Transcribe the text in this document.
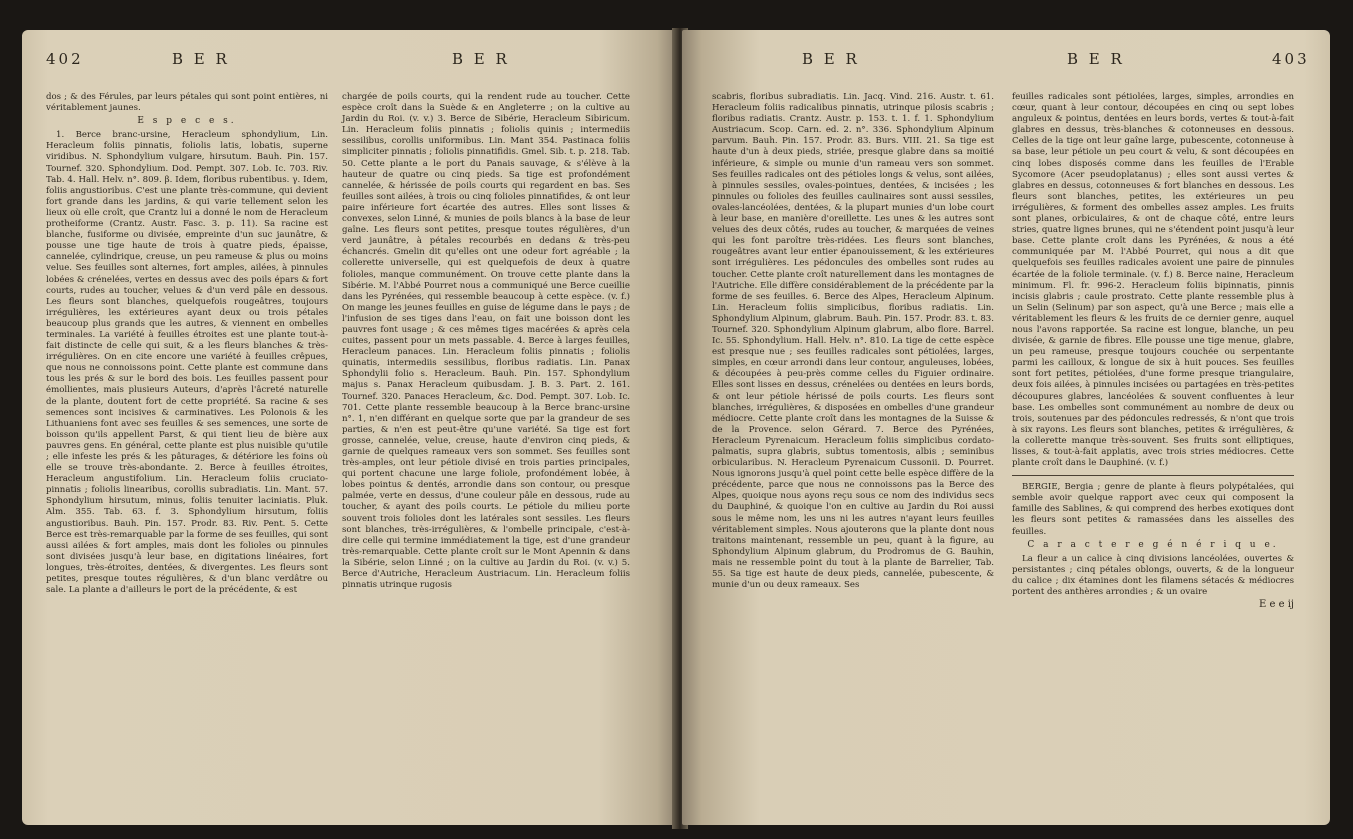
402	B E R	B E R

dos ; & des Férules, par leurs pétales qui sont point entières, ni véritablement jaunes.

E s p e c e s.

1. Berce branc-ursine, Heracleum sphondylium, Lin. Heracleum foliis pinnatis, foliolis latis, lobatis, superne viridibus. N. Sphondylium vulgare, hirsutum. Bauh. Pin. 157. Tournef. 320. Sphondylium. Dod. Pempt. 307. Lob. Ic. 703. Riv. Tab. 4. Hall. Helv. n°. 809. β. Idem, floribus rubentibus. γ. Idem, foliis angustioribus. C'est une plante très-commune, qui devient fort grande dans les jardins, & qui varie tellement selon les lieux où elle croît, que Crantz lui a donné le nom de Heracleum protheiforme (Crantz. Austr. Fasc. 3. p. 11). Sa racine est blanche, fusiforme ou divisée, empreinte d'un suc jaunâtre, & pousse une tige haute de trois à quatre pieds, épaisse, cannelée, cylindrique, creuse, un peu rameuse & plus ou moins velue. Ses feuilles sont alternes, fort amples, ailées, à pinnules lobées & crénelées, vertes en dessus avec des poils épars & fort courts, rudes au toucher, velues & d'un verd pâle en dessous. Les fleurs sont blanches, quelquefois rougeâtres, toujours irrégulières, les extérieures ayant deux ou trois pétales beaucoup plus grands que les autres, & viennent en ombelles terminales. La variété à feuilles étroites est une plante tout-à-fait distincte de celle qui suit, & a les fleurs blanches & très-irrégulières. On en cite encore une variété à feuilles crêpues, que nous ne connoissons point. Cette plante est commune dans tous les prés & sur le bord des bois. Les feuilles passent pour émollientes, mais plusieurs Auteurs, d'après l'âcreté naturelle de la plante, doutent fort de cette propriété. Sa racine & ses semences sont incisives & carminatives. Les Polonois & les Lithuaniens font avec ses feuilles & ses semences, une sorte de boisson qu'ils appellent Parst, & qui tient lieu de bière aux pauvres gens. En général, cette plante est plus nuisible qu'utile ; elle infeste les prés & les pâturages, & détériore les foins où elle se trouve très-abondante. 2. Berce à feuilles étroites, Heracleum angustifolium. Lin. Heracleum foliis cruciato-pinnatis ; foliolis linearibus, corollis subradiatis. Lin. Mant. 57. Sphondylium hirsutum, minus, foliis tenuiter laciniatis. Pluk. Alm. 355. Tab. 63. f. 3. Sphondylium hirsutum, foliis angustioribus. Bauh. Pin. 157. Prodr. 83. Riv. Pent. 5. Cette Berce est très-remarquable par la forme de ses feuilles, qui sont aussi ailées & fort amples, mais dont les folioles ou pinnules sont divisées jusqu'à leur base, en digitations linéaires, fort longues, très-étroites, dentées, & divergentes. Les fleurs sont petites, presque toutes régulières, & d'un blanc verdâtre ou sale. La plante a d'ailleurs le port de la précédente, & est

chargée de poils courts, qui la rendent rude au toucher. Cette espèce croît dans la Suède & en Angleterre ; on la cultive au Jardin du Roi. (v. v.) 3. Berce de Sibérie, Heracleum Sibiricum. Lin. Heracleum foliis pinnatis ; foliolis quinis ; intermediis sessilibus, corollis uniformibus. Lin. Mant 354. Pastinaca foliis simpliciter pinnatis ; foliolis pinnatifidis. Gmel. Sib. t. p. 218. Tab. 50. Cette plante a le port du Panais sauvage, & s'élève à la hauteur de quatre ou cinq pieds. Sa tige est profondément cannelée, & hérissée de poils courts qui regardent en bas. Ses feuilles sont ailées, à trois ou cinq folioles pinnatifides, & ont leur paire inférieure fort écartée des autres. Elles sont lisses & convexes, selon Linné, & munies de poils blancs à la base de leur gaîne. Les fleurs sont petites, presque toutes régulières, d'un verd jaunâtre, à pétales recourbés en dedans & très-peu échancrés. Gmelin dit qu'elles ont une odeur fort agréable ; la collerette universelle, qui est quelquefois de deux à quatre folioles, manque communément. On trouve cette plante dans la Sibérie. M. l'Abbé Pourret nous a communiqué une Berce cueillie dans les Pyrénées, qui ressemble beaucoup à cette espèce. (v. f.) On mange les jeunes feuilles en guise de légume dans le pays ; de l'infusion de ses tiges dans l'eau, on fait une boisson dont les pauvres font usage ; & ces mêmes tiges macérées & après cela cuites, passent pour un mets passable. 4. Berce à larges feuilles, Heracleum panaces. Lin. Heracleum foliis pinnatis ; foliolis quinatis, intermediis sessilibus, floribus radiatis. Lin. Panax Sphondylii folio s. Heracleum. Bauh. Pin. 157. Sphondylium majus s. Panax Heracleum quibusdam. J. B. 3. Part. 2. 161. Tournef. 320. Panaces Heracleum, &c. Dod. Pempt. 307. Lob. Ic. 701. Cette plante ressemble beaucoup à la Berce branc-ursine n°. 1, n'en différant en quelque sorte que par la grandeur de ses parties, & n'en est peut-être qu'une variété. Sa tige est fort grosse, cannelée, velue, creuse, haute d'environ cinq pieds, & garnie de quelques rameaux vers son sommet. Ses feuilles sont très-amples, ont leur pétiole divisé en trois parties principales, qui portent chacune une large foliole, profondément lobée, à lobes pointus & dentés, arrondie dans son contour, ou presque palmée, verte en dessus, d'une couleur pâle en dessous, rude au toucher, & ayant des poils courts. Le pétiole du milieu porte souvent trois folioles dont les latérales sont sessiles. Les fleurs sont blanches, très-irrégulières, & l'ombelle principale, c'est-à-dire celle qui termine immédiatement la tige, est d'une grandeur très-remarquable. Cette plante croît sur le Mont Apennin & dans la Sibérie, selon Linné ; on la cultive au Jardin du Roi. (v. v.) 5. Berce d'Autriche, Heracleum Austriacum. Lin. Heracleum foliis pinnatis utrinque rugosis

B E R	B E R	403

scabris, floribus subradiatis. Lin. Jacq. Vind. 216. Austr. t. 61. Heracleum foliis radicalibus pinnatis, utrinque pilosis scabris ; floribus radiatis. Crantz. Austr. p. 153. t. 1. f. 1. Sphondylium Austriacum. Scop. Carn. ed. 2. n°. 336. Sphondylium Alpinum parvum. Bauh. Pin. 157. Prodr. 83. Burs. VIII. 21. Sa tige est haute d'un à deux pieds, striée, presque glabre dans sa moitié inférieure, & simple ou munie d'un rameau vers son sommet. Ses feuilles radicales ont des pétioles longs & velus, sont ailées, à pinnules sessiles, ovales-pointues, dentées, & incisées ; les pinnules ou folioles des feuilles caulinaires sont aussi sessiles, ovales-lancéolées, dentées, & la plupart munies d'un lobe court à leur base, en manière d'oreillette. Les unes & les autres sont velues des deux côtés, rudes au toucher, & marquées de veines qui les font paroître très-ridées. Les fleurs sont blanches, rougeâtres avant leur entier épanouissement, & les extérieures sont irrégulières. Les pédoncules des ombelles sont rudes au toucher. Cette plante croît naturellement dans les montagnes de l'Autriche. Elle diffère considérablement de la précédente par la forme de ses feuilles. 6. Berce des Alpes, Heracleum Alpinum. Lin. Heracleum foliis simplicibus, floribus radiatis. Lin. Sphondylium Alpinum, glabrum. Bauh. Pin. 157. Prodr. 83. t. 83. Tournef. 320. Sphondylium Alpinum glabrum, albo flore. Barrel. Ic. 55. Sphondylium. Hall. Helv. n°. 810. La tige de cette espèce est presque nue ; ses feuilles radicales sont pétiolées, larges, simples, en cœur arrondi dans leur contour, anguleuses, lobées, & découpées à peu-près comme celles du Figuier ordinaire. Elles sont lisses en dessus, crénelées ou dentées en leurs bords, & ont leur pétiole hérissé de poils courts. Les fleurs sont blanches, irrégulières, & disposées en ombelles d'une grandeur médiocre. Cette plante croît dans les montagnes de la Suisse & de la Provence. selon Gérard. 7. Berce des Pyrénées, Heracleum Pyrenaicum. Heracleum foliis simplicibus cordato-palmatis, supra glabris, subtus tomentosis, albis ; seminibus orbicularibus. N. Heracleum Pyrenaicum Cussonii. D. Pourret. Nous ignorons jusqu'à quel point cette belle espèce diffère de la précédente, parce que nous ne connoissons pas la Berce des Alpes, quoique nous ayons reçu sous ce nom des individus secs du Dauphiné, & quoique l'on en cultive au Jardin du Roi aussi sous le même nom, les uns ni les autres n'ayant leurs feuilles véritablement simples. Nous ajouterons que la plante dont nous traitons maintenant, ressemble un peu, quant à la figure, au Sphondylium Alpinum glabrum, du Prodromus de G. Bauhin, mais ne ressemble point du tout à la plante de Barrelier, Tab. 55. Sa tige est haute de deux pieds, cannelée, pubescente, & munie d'un ou deux rameaux. Ses

feuilles radicales sont pétiolées, larges, simples, arrondies en cœur, quant à leur contour, découpées en cinq ou sept lobes anguleux & pointus, dentées en leurs bords, vertes & tout-à-fait glabres en dessus, très-blanches & cotonneuses en dessous. Celles de la tige ont leur gaîne large, pubescente, cotonneuse à sa base, leur pétiole un peu court & velu, & sont découpées en cinq lobes disposés comme dans les feuilles de l'Erable Sycomore (Acer pseudoplatanus) ; elles sont aussi vertes & glabres en dessus, cotonneuses & fort blanches en dessous. Les fleurs sont blanches, petites, les extérieures un peu irrégulières, & forment des ombelles assez amples. Les fruits sont planes, orbiculaires, & ont de chaque côté, entre leurs stries, quatre lignes brunes, qui ne s'étendent point jusqu'à leur base. Cette plante croît dans les Pyrénées, & nous a été communiquée par M. l'Abbé Pourret, qui nous a dit que quelquefois ses feuilles radicales avoient une paire de pinnules écartée de la foliole terminale. (v. f.) 8. Berce naine, Heracleum minimum. Fl. fr. 996-2. Heracleum foliis bipinnatis, pinnis incisis glabris ; caule prostrato. Cette plante ressemble plus à un Selin (Selinum) par son aspect, qu'à une Berce ; mais elle a véritablement les fleurs & les fruits de ce dernier genre, auquel nous l'avons rapportée. Sa racine est longue, blanche, un peu divisée, & garnie de fibres. Elle pousse une tige menue, glabre, un peu rameuse, presque toujours couchée ou serpentante parmi les cailloux, & longue de six à huit pouces. Ses feuilles sont fort petites, pétiolées, d'une forme presque triangulaire, deux fois ailées, à pinnules incisées ou partagées en très-petites découpures glabres, lancéolées & souvent confluentes à leur base. Les ombelles sont communément au nombre de deux ou trois, soutenues par des pédoncules redressés, & n'ont que trois à six rayons. Les fleurs sont blanches, petites & irrégulières, & la collerette manque très-souvent. Ses fruits sont elliptiques, lisses, & tout-à-fait applatis, avec trois stries médiocres. Cette plante croît dans le Dauphiné. (v. f.)

BERGIE, Bergia ; genre de plante à fleurs polypétalées, qui semble avoir quelque rapport avec ceux qui composent la famille des Sablines, & qui comprend des herbes exotiques dont les fleurs sont petites & ramassées dans les aisselles des feuilles.

C a r a c t e r e g é n é r i q u e.

La fleur a un calice à cinq divisions lancéolées, ouvertes & persistantes ; cinq pétales oblongs, ouverts, & de la longueur du calice ; dix étamines dont les filamens sétacés & médiocres portent des anthères arrondies ; & un ovaire

E e e ij
